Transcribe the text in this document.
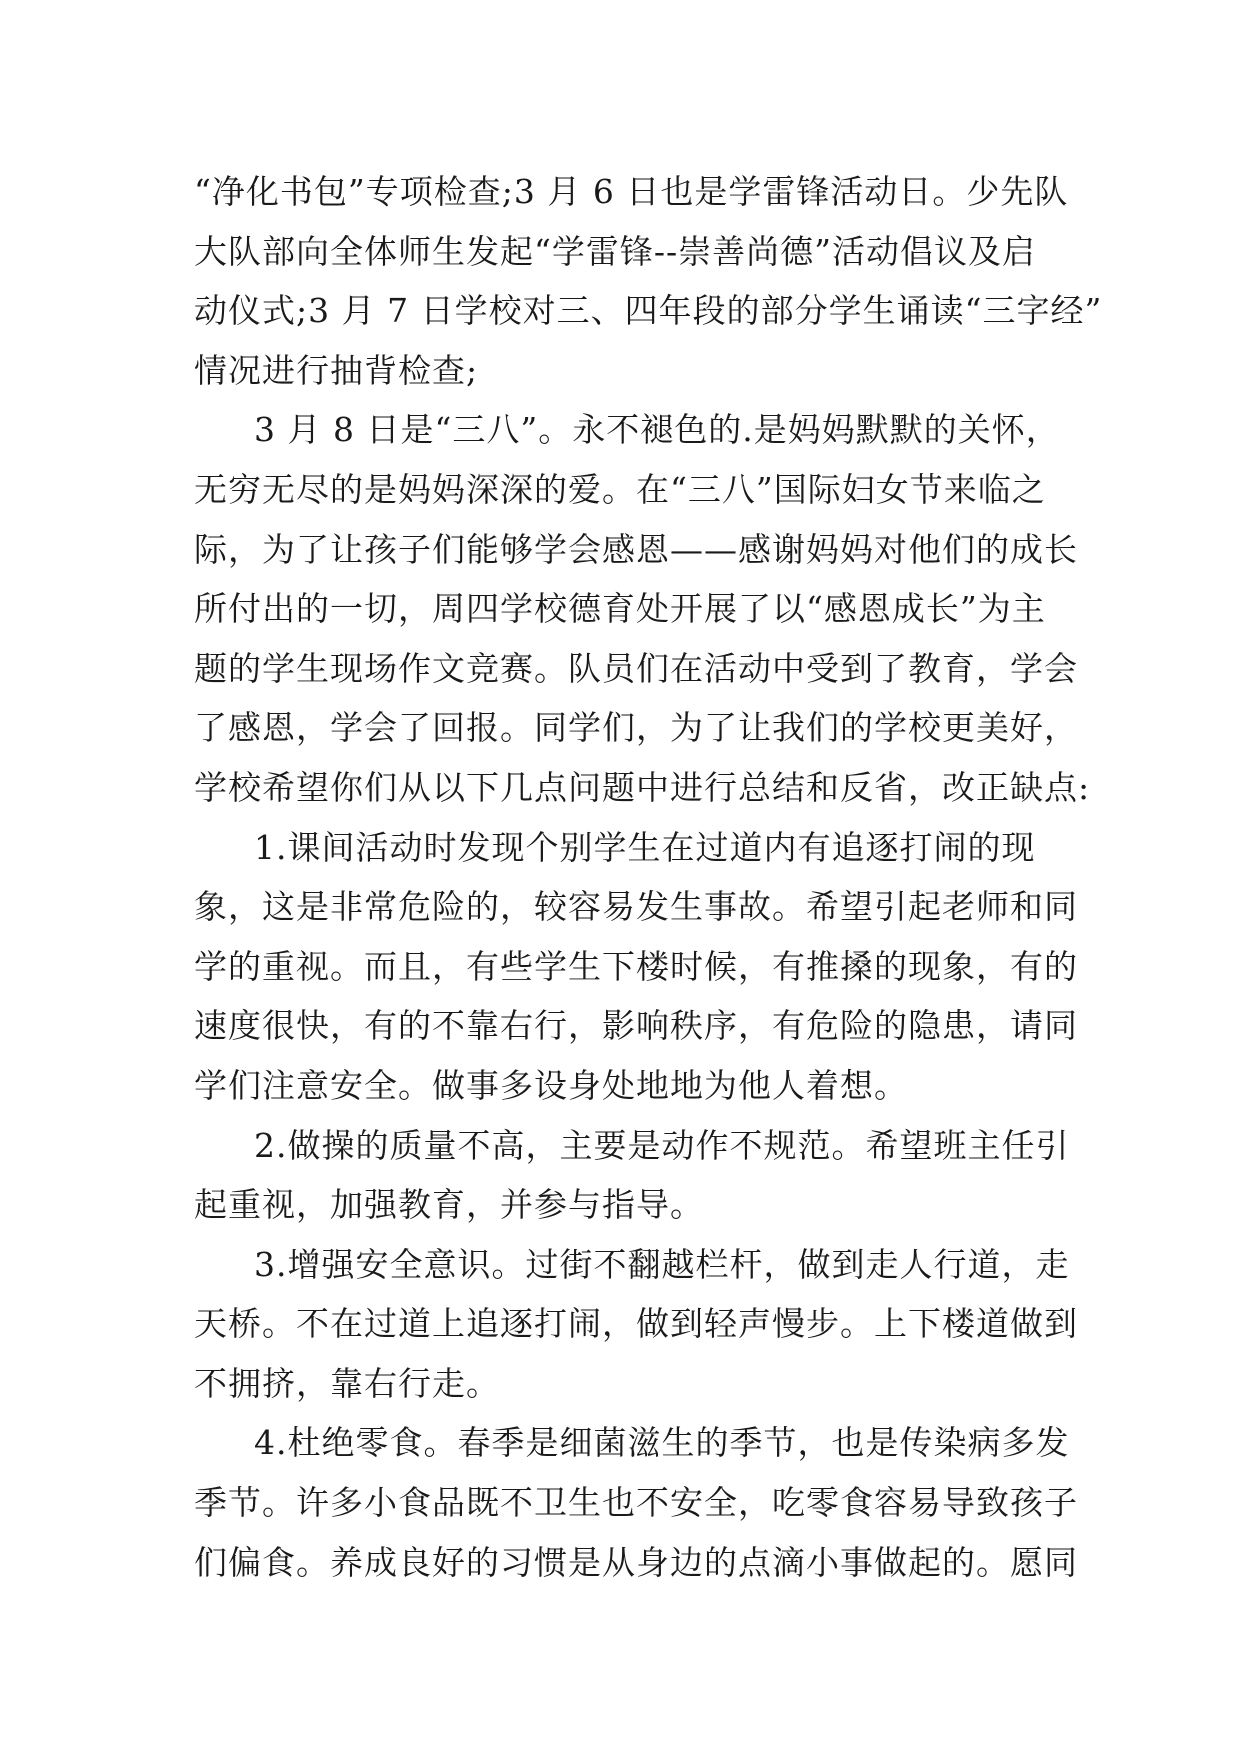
“净化书包”专项检查;3 月 6 日也是学雷锋活动日。少先队
大队部向全体师生发起“学雷锋--崇善尚德”活动倡议及启
动仪式;3 月 7 日学校对三、四年段的部分学生诵读“三字经”
情况进行抽背检查;
3 月 8 日是“三八”。永不褪色的.是妈妈默默的关怀，
无穷无尽的是妈妈深深的爱。在“三八”国际妇女节来临之
际，为了让孩子们能够学会感恩——感谢妈妈对他们的成长
所付出的一切，周四学校德育处开展了以“感恩成长”为主
题的学生现场作文竞赛。队员们在活动中受到了教育，学会
了感恩，学会了回报。同学们，为了让我们的学校更美好，
学校希望你们从以下几点问题中进行总结和反省，改正缺点:
1.课间活动时发现个别学生在过道内有追逐打闹的现
象，这是非常危险的，较容易发生事故。希望引起老师和同
学的重视。而且，有些学生下楼时候，有推搡的现象，有的
速度很快，有的不靠右行，影响秩序，有危险的隐患，请同
学们注意安全。做事多设身处地地为他人着想。
2.做操的质量不高，主要是动作不规范。希望班主任引
起重视，加强教育，并参与指导。
3.增强安全意识。过街不翻越栏杆，做到走人行道，走
天桥。不在过道上追逐打闹，做到轻声慢步。上下楼道做到
不拥挤，靠右行走。
4.杜绝零食。春季是细菌滋生的季节，也是传染病多发
季节。许多小食品既不卫生也不安全，吃零食容易导致孩子
们偏食。养成良好的习惯是从身边的点滴小事做起的。愿同
